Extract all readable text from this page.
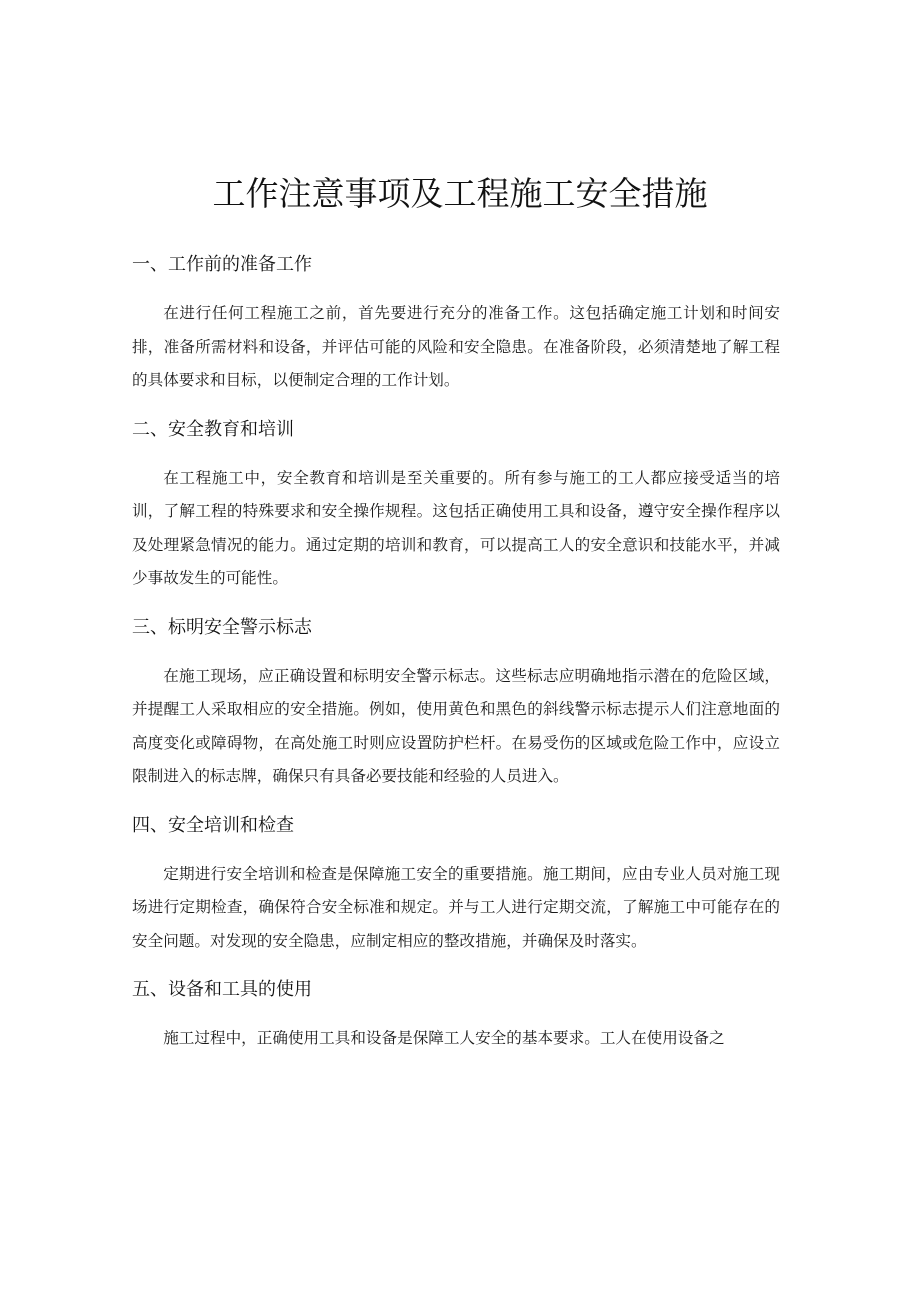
工作注意事项及工程施工安全措施
一、工作前的准备工作

在进行任何工程施工之前，首先要进行充分的准备工作。这包括确定施工计划和时间安排，准备所需材料和设备，并评估可能的风险和安全隐患。在准备阶段，必须清楚地了解工程的具体要求和目标，以便制定合理的工作计划。

二、安全教育和培训

在工程施工中，安全教育和培训是至关重要的。所有参与施工的工人都应接受适当的培训，了解工程的特殊要求和安全操作规程。这包括正确使用工具和设备，遵守安全操作程序以及处理紧急情况的能力。通过定期的培训和教育，可以提高工人的安全意识和技能水平，并减少事故发生的可能性。

三、标明安全警示标志

在施工现场，应正确设置和标明安全警示标志。这些标志应明确地指示潜在的危险区域，并提醒工人采取相应的安全措施。例如，使用黄色和黑色的斜线警示标志提示人们注意地面的高度变化或障碍物，在高处施工时则应设置防护栏杆。在易受伤的区域或危险工作中，应设立限制进入的标志牌，确保只有具备必要技能和经验的人员进入。

四、安全培训和检查

定期进行安全培训和检查是保障施工安全的重要措施。施工期间，应由专业人员对施工现场进行定期检查，确保符合安全标准和规定。并与工人进行定期交流，了解施工中可能存在的安全问题。对发现的安全隐患，应制定相应的整改措施，并确保及时落实。

五、设备和工具的使用

施工过程中，正确使用工具和设备是保障工人安全的基本要求。工人在使用设备之
